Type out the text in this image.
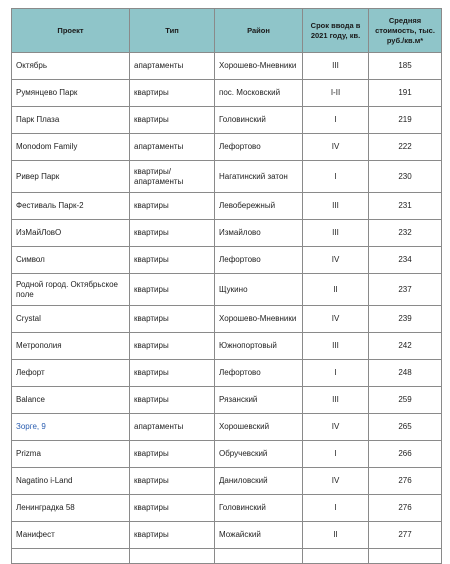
Проект	Тип	Район	Срок ввода в 2021 году, кв.	Средняя стоимость, тыс. руб./кв.м*
Октябрь	апартаменты	Хорошево-Мневники	III	185
Румянцево Парк	квартиры	пос. Московский	I-II	191
Парк Плаза	квартиры	Головинский	I	219
Monodom Family	апартаменты	Лефортово	IV	222
Ривер Парк	квартиры/ апартаменты	Нагатинский затон	I	230
Фестиваль Парк-2	квартиры	Левобережный	III	231
ИзМайЛовО	квартиры	Измайлово	III	232
Символ	квартиры	Лефортово	IV	234
Родной город. Октябрьское поле	квартиры	Щукино	II	237
Crystal	квартиры	Хорошево-Мневники	IV	239
Метрополия	квартиры	Южнопортовый	III	242
Лефорт	квартиры	Лефортово	I	248
Balance	квартиры	Рязанский	III	259
Зорге, 9	апартаменты	Хорошевский	IV	265
Prizma	квартиры	Обручевский	I	266
Nagatino i-Land	квартиры	Даниловский	IV	276
Ленинградка 58	квартиры	Головинский	I	276
Манифест	квартиры	Можайский	II	277
